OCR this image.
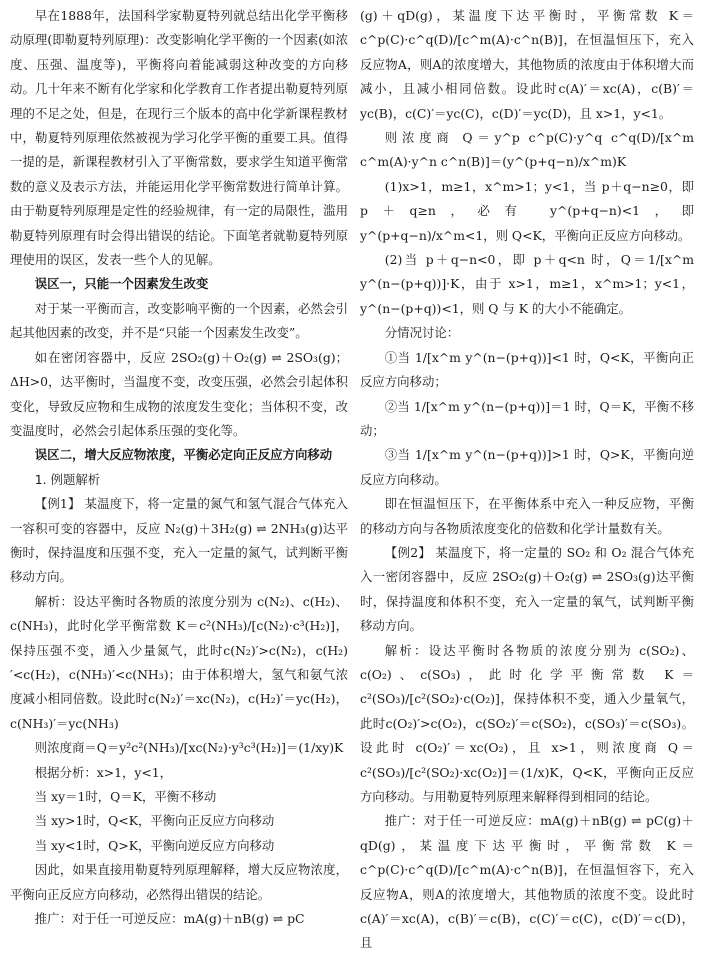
早在1888年，法国科学家勒夏特列就总结出化学平衡移动原理(即勒夏特列原理)：改变影响化学平衡的一个因素(如浓度、压强、温度等)，平衡将向着能减弱这种改变的方向移动。几十年来不断有化学家和化学教育工作者提出勒夏特列原理的不足之处，但是，在现行三个版本的高中化学新课程教材中，勒夏特列原理依然被视为学习化学平衡的重要工具。值得一提的是，新课程教材引入了平衡常数，要求学生知道平衡常数的意义及表示方法，并能运用化学平衡常数进行简单计算。由于勒夏特列原理是定性的经验规律，有一定的局限性，滥用勒夏特列原理有时会得出错误的结论。下面笔者就勒夏特列原理使用的误区，发表一些个人的见解。

误区一，只能一个因素发生改变

对于某一平衡而言，改变影响平衡的一个因素，必然会引起其他因素的改变，并不是“只能一个因素发生改变”。

如在密闭容器中，反应 2SO₂(g)＋O₂(g) ⇌ 2SO₃(g)；ΔH>0，达平衡时，当温度不变，改变压强，必然会引起体积变化，导致反应物和生成物的浓度发生变化；当体积不变，改变温度时，必然会引起体系压强的变化等。

误区二，增大反应物浓度，平衡必定向正反应方向移动

1. 例题解析

【例1】 某温度下，将一定量的氮气和氢气混合气体充入一容积可变的容器中，反应 N₂(g)＋3H₂(g) ⇌ 2NH₃(g)达平衡时，保持温度和压强不变，充入一定量的氮气，试判断平衡移动方向。

解析：设达平衡时各物质的浓度分别为 c(N₂)、c(H₂)、c(NH₃)，此时化学平衡常数 K＝c²(NH₃)/[c(N₂)·c³(H₂)]，保持压强不变，通入少量氮气，此时c(N₂)′>c(N₂)，c(H₂)′<c(H₂)，c(NH₃)′<c(NH₃)；由于体积增大，氢气和氨气浓度减小相同倍数。设此时c(N₂)′＝xc(N₂)，c(H₂)′＝yc(H₂)，c(NH₃)′＝yc(NH₃)

则浓度商＝Q＝y²c²(NH₃)/[xc(N₂)·y³c³(H₂)]＝(1/xy)K

根据分析：x>1，y<1，

当 xy＝1时，Q＝K，平衡不移动

当 xy>1时，Q<K，平衡向正反应方向移动

当 xy<1时，Q>K，平衡向逆反应方向移动

因此，如果直接用勒夏特列原理解释，增大反应物浓度，平衡向正反应方向移动，必然得出错误的结论。

推广：对于任一可逆反应：mA(g)＋nB(g) ⇌ pC

(g)＋qD(g)，某温度下达平衡时，平衡常数 K＝c^p(C)·c^q(D)/[c^m(A)·c^n(B)]，在恒温恒压下，充入反应物A，则A的浓度增大，其他物质的浓度由于体积增大而减小，且减小相同倍数。设此时c(A)′＝xc(A)，c(B)′＝yc(B)，c(C)′＝yc(C)，c(D)′＝yc(D)，且 x>1，y<1。

则浓度商 Q＝y^p c^p(C)·y^q c^q(D)/[x^m c^m(A)·y^n c^n(B)]＝(y^(p+q−n)/x^m)K

(1)x>1，m≥1，x^m>1；y<1，当 p＋q−n≥0，即 p＋q≥n，必有 y^(p+q−n)<1，即 y^(p+q−n)/x^m<1，则 Q<K，平衡向正反应方向移动。

(2)当 p＋q−n<0，即 p＋q<n 时，Q＝1/[x^m y^(n−(p+q))]·K，由于 x>1，m≥1，x^m>1；y<1，y^(n−(p+q))<1，则 Q 与 K 的大小不能确定。

分情况讨论：

①当 1/[x^m y^(n−(p+q))]<1 时，Q<K，平衡向正反应方向移动；

②当 1/[x^m y^(n−(p+q))]＝1 时，Q＝K，平衡不移动；

③当 1/[x^m y^(n−(p+q))]>1 时，Q>K，平衡向逆反应方向移动。

即在恒温恒压下，在平衡体系中充入一种反应物，平衡的移动方向与各物质浓度变化的倍数和化学计量数有关。

【例2】 某温度下，将一定量的 SO₂ 和 O₂ 混合气体充入一密闭容器中，反应 2SO₂(g)＋O₂(g) ⇌ 2SO₃(g)达平衡时，保持温度和体积不变，充入一定量的氧气，试判断平衡移动方向。

解析：设达平衡时各物质的浓度分别为 c(SO₂)、c(O₂)、c(SO₃)，此时化学平衡常数 K＝c²(SO₃)/[c²(SO₂)·c(O₂)]，保持体积不变，通入少量氧气，此时c(O₂)′>c(O₂)，c(SO₂)′＝c(SO₂)，c(SO₃)′＝c(SO₃)。设此时 c(O₂)′＝xc(O₂)，且 x>1，则浓度商 Q＝c²(SO₃)/[c²(SO₂)·xc(O₂)]＝(1/x)K，Q<K，平衡向正反应方向移动。与用勒夏特列原理来解释得到相同的结论。

推广：对于任一可逆反应：mA(g)＋nB(g) ⇌ pC(g)＋qD(g)，某温度下达平衡时，平衡常数 K＝c^p(C)·c^q(D)/[c^m(A)·c^n(B)]，在恒温恒容下，充入反应物A，则A的浓度增大，其他物质的浓度不变。设此时 c(A)′＝xc(A)，c(B)′＝c(B)，c(C)′＝c(C)，c(D)′＝c(D)，且
